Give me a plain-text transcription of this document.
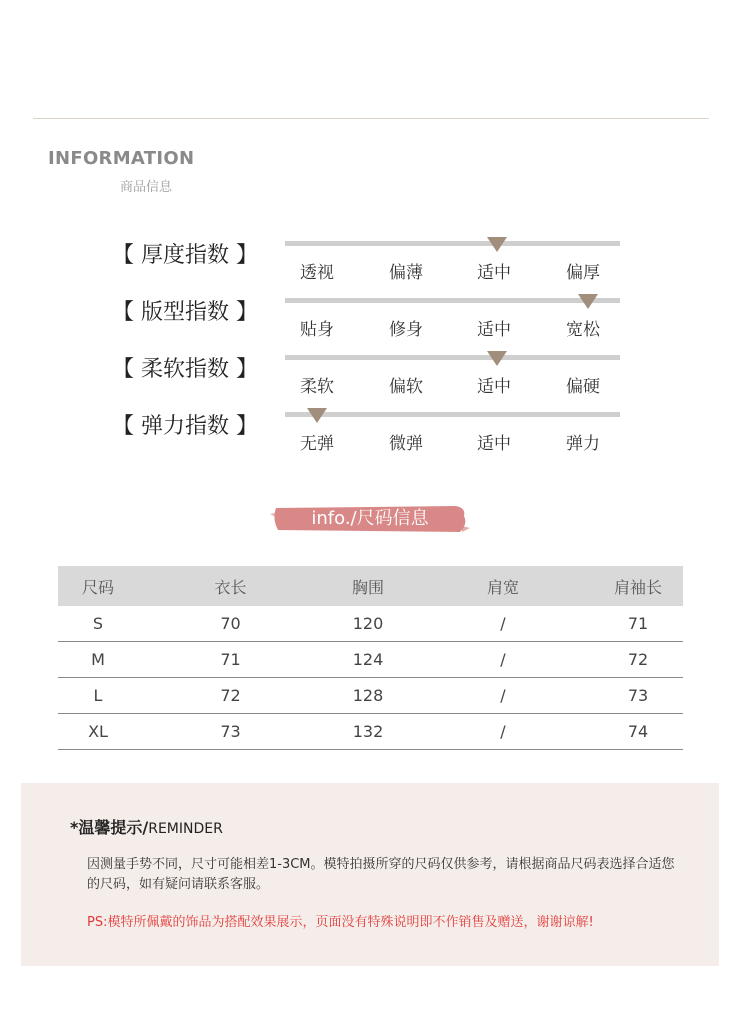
INFORMATION
商品信息
【 厚度指数 】
透视	偏薄	适中	偏厚
【 版型指数 】
贴身	修身	适中	宽松
【 柔软指数 】
柔软	偏软	适中	偏硬
【 弹力指数 】
无弹	微弹	适中	弹力
info./尺码信息
尺码	衣长	胸围	肩宽	肩袖长
S	70	120	/	71
M	71	124	/	72
L	72	128	/	73
XL	73	132	/	74
*温馨提示/REMINDER
因测量手势不同，尺寸可能相差1-3CM。模特拍摄所穿的尺码仅供参考，请根据商品尺码表选择合适您的尺码，如有疑问请联系客服。
PS:模特所佩戴的饰品为搭配效果展示，页面没有特殊说明即不作销售及赠送，谢谢谅解!
